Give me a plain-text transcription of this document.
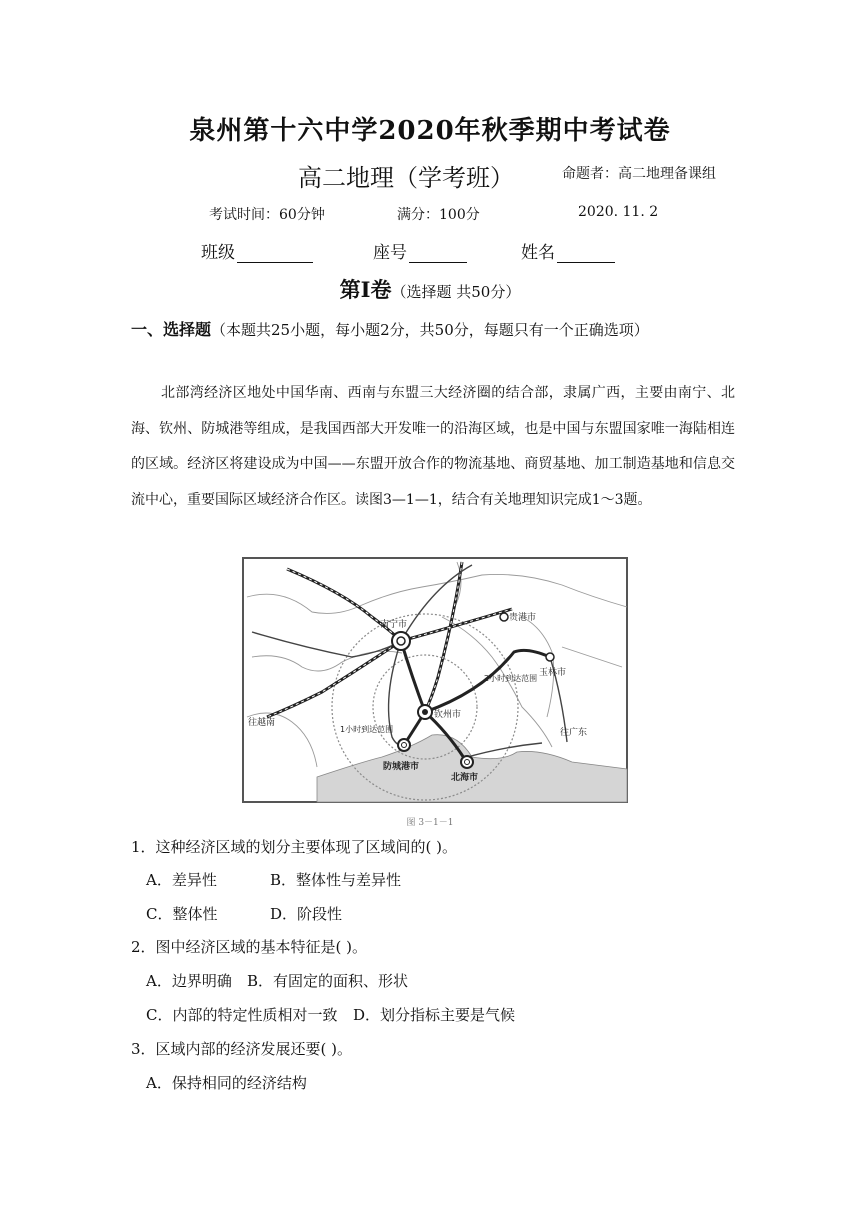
泉州第十六中学2020年秋季期中考试卷
高二地理（学考班）	命题者：高二地理备课组
考试时间：60分钟	满分：100分	2020. 11. 2
班级	座号	姓名
第Ⅰ卷（选择题 共50分）
一、选择题（本题共25小题，每小题2分，共50分，每题只有一个正确选项）
北部湾经济区地处中国华南、西南与东盟三大经济圈的结合部，隶属广西，主要由南宁、北海、钦州、防城港等组成，是我国西部大开发唯一的沿海区域，也是中国与东盟国家唯一海陆相连的区域。经济区将建设成为中国——东盟开放合作的物流基地、商贸基地、加工制造基地和信息交流中心，重要国际区域经济合作区。读图3—1—1，结合有关地理知识完成1～3题。
南宁市
贵港市
玉林市
钦州市
防城港市
北海市
往越南
往广东
1小时到达范围
2小时到达范围
图 3－1－1
1．这种经济区域的划分主要体现了区域间的( )。
A．差异性	B．整体性与差异性
C．整体性	D．阶段性
2．图中经济区域的基本特征是( )。
A．边界明确 B．有固定的面积、形状
C．内部的特定性质相对一致 D．划分指标主要是气候
3．区域内部的经济发展还要( )。
A．保持相同的经济结构
